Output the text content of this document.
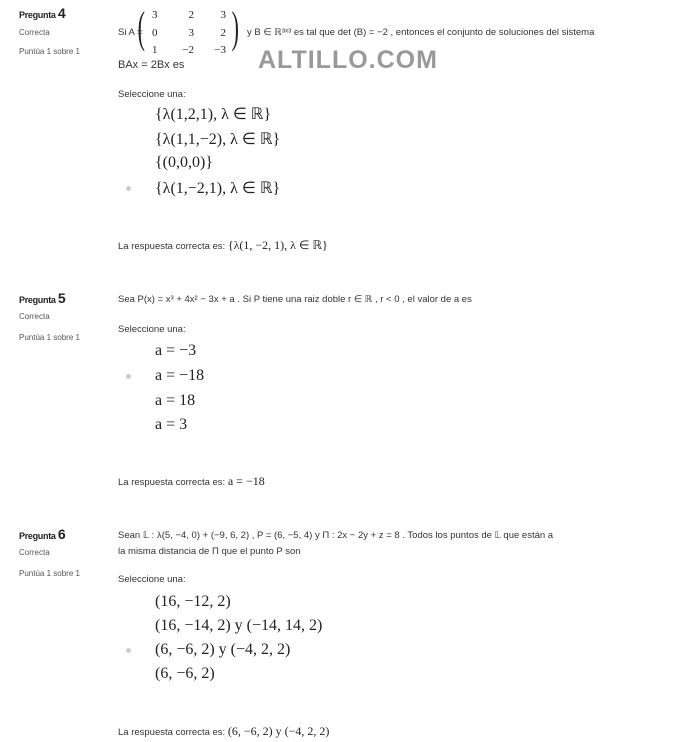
Pregunta 4
Correcta
Puntúa 1 sobre 1
Si A =
( )
3	2 3
0	3 2
1 −2 −3
y B ∈ ℝ³ˣ³ es tal que det (B) = −2 , entonces el conjunto de soluciones del sistema
BAx = 2Bx es	ALTILLO.COM
Seleccione una:
{λ(1,2,1), λ ∈ ℝ}
{λ(1,1,−2), λ ∈ ℝ}
{(0,0,0)}
{λ(1,−2,1), λ ∈ ℝ}
La respuesta correcta es: {λ(1, −2, 1), λ ∈ ℝ}
Pregunta 5
Correcta
Puntúa 1 sobre 1
Sea P(x) = x³ + 4x² − 3x + a . Si P tiene una raiz doble r ∈ ℝ , r < 0 , el valor de a es
Seleccione una:
a = −3
a = −18
a = 18
a = 3
La respuesta correcta es: a = −18
Pregunta 6
Correcta
Puntúa 1 sobre 1
Sean 𝕃 : λ(5, −4, 0) + (−9, 6, 2) , P = (6, −5, 4) y Π : 2x − 2y + z = 8 . Todos los puntos de 𝕃 que están a
la misma distancia de Π que el punto P son
Seleccione una:
(16, −12, 2)
(16, −14, 2) y (−14, 14, 2)
(6, −6, 2) y (−4, 2, 2)
(6, −6, 2)
La respuesta correcta es: (6, −6, 2) y (−4, 2, 2)
